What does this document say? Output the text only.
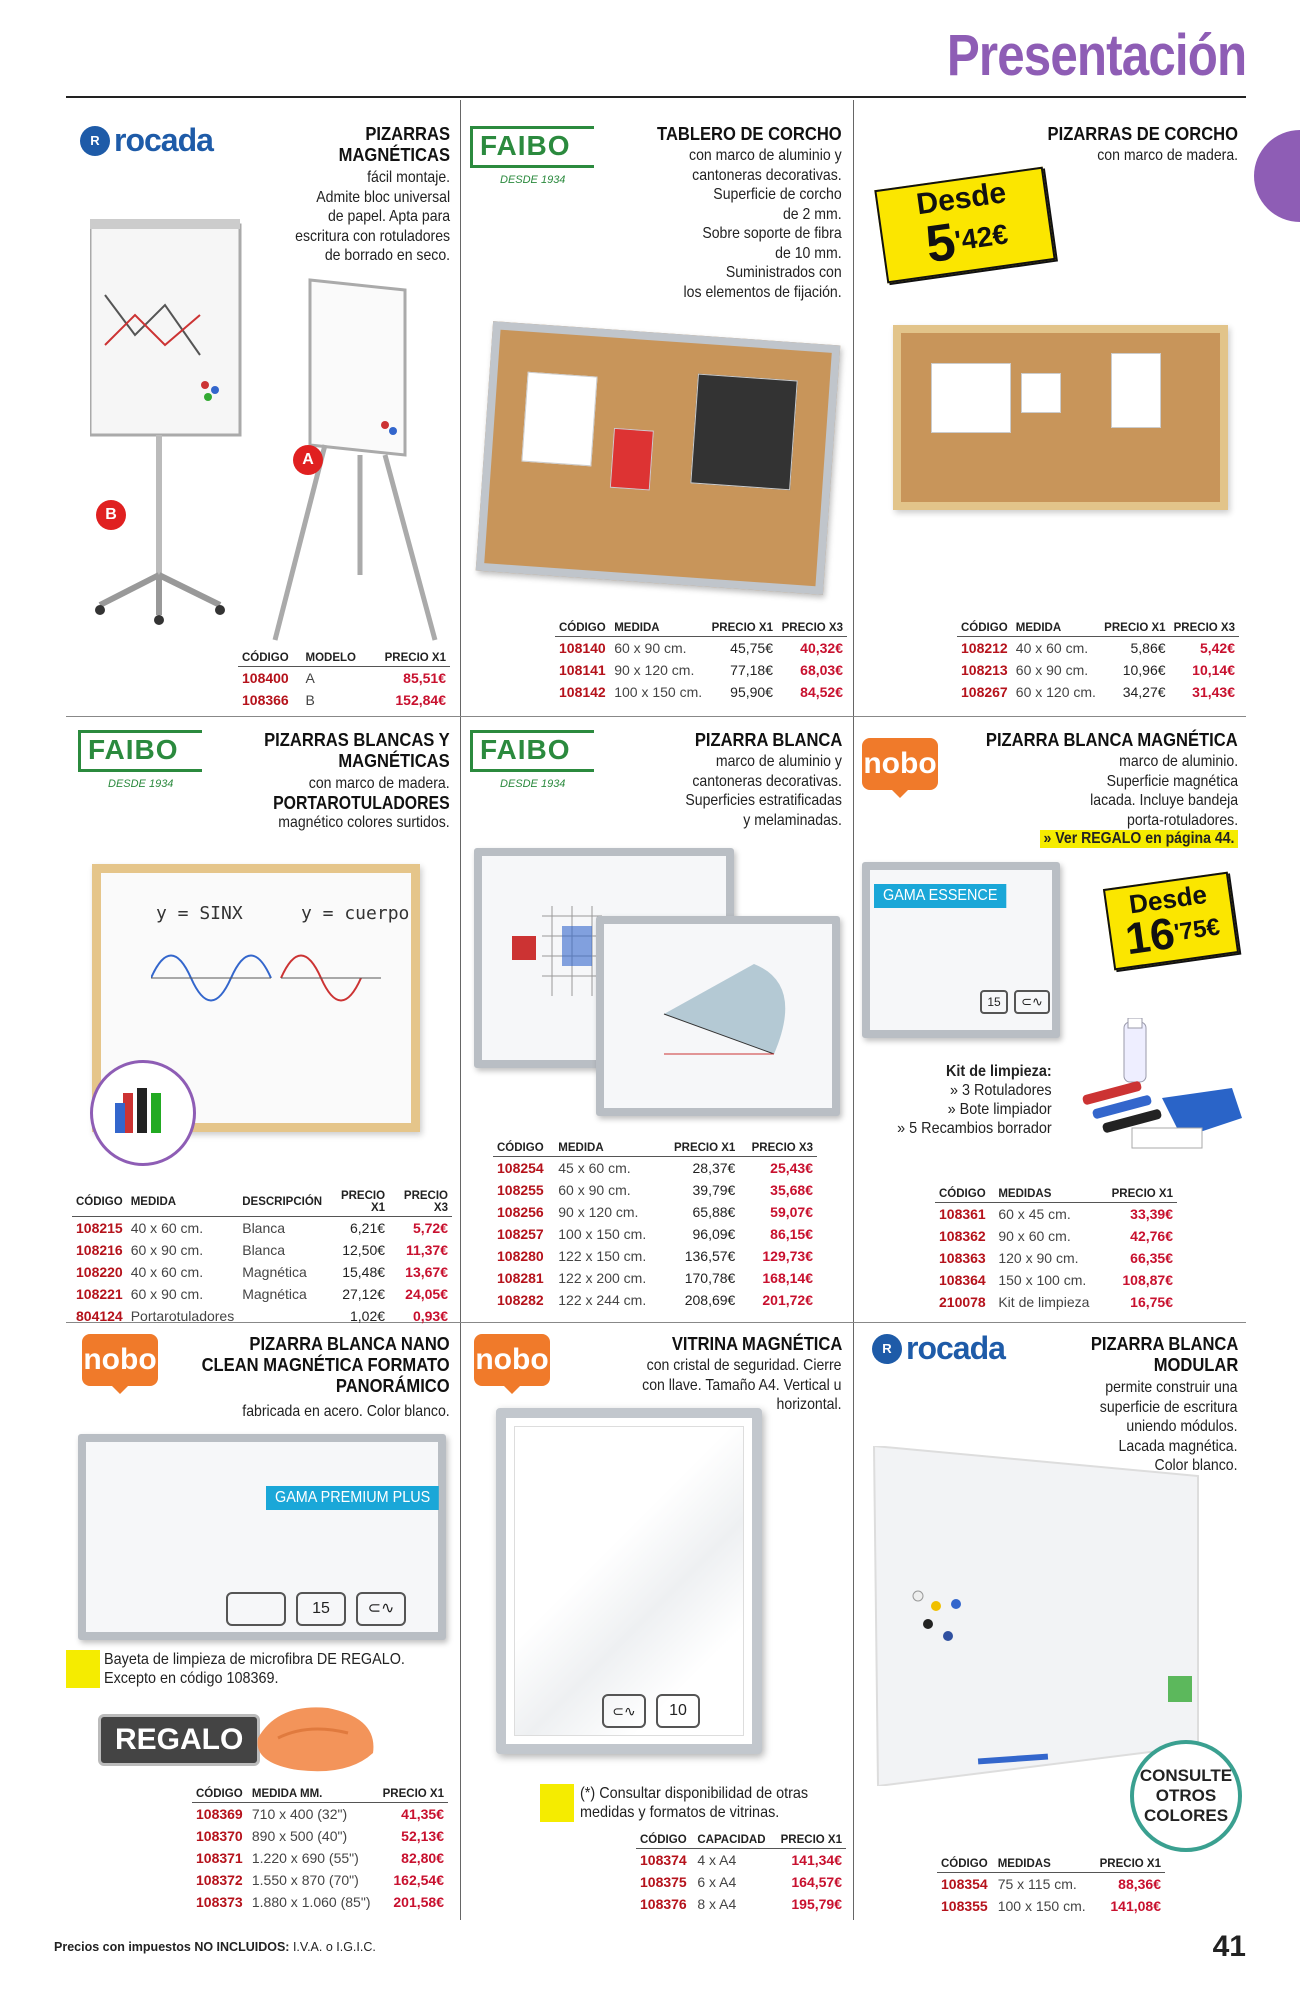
Presentación
R rocada	PIZARRAS
MAGNÉTICAS
fácil montaje.
Admite bloc universal
de papel. Apta para
escritura con rotuladores
de borrado en seco.
A
B
CÓDIGO	MODELO	PRECIO X1
108400	A	85,51€
108366	B	152,84€
FAIBO
DESDE 1934
TABLERO DE CORCHO
con marco de aluminio y
cantoneras decorativas.
Superficie de corcho
de 2 mm.
Sobre soporte de fibra
de 10 mm.
Suministrados con
los elementos de fijación.
CÓDIGO	MEDIDA	PRECIO X1	PRECIO X3
108140	60 x 90 cm.	45,75€	40,32€
108141	90 x 120 cm.	77,18€	68,03€
108142	100 x 150 cm.	95,90€	84,52€
PIZARRAS DE CORCHO
con marco de madera.
Desde
$5^{'42€}$
CÓDIGO	MEDIDA	PRECIO X1	PRECIO X3
108212	40 x 60 cm.	5,86€	5,42€
108213	60 x 90 cm.	10,96€	10,14€
108267	60 x 120 cm.	34,27€	31,43€
FAIBO
DESDE 1934
PIZARRAS BLANCAS Y
MAGNÉTICAS
con marco de madera.
PORTAROTULADORES
magnético colores surtidos.
y = SINX	y = cuerpo
CÓDIGO	MEDIDA	DESCRIPCIÓN	PRECIO X1	PRECIO X3
108215	40 x 60 cm.	Blanca	6,21€	5,72€
108216	60 x 90 cm.	Blanca	12,50€	11,37€
108220	40 x 60 cm.	Magnética	15,48€	13,67€
108221	60 x 90 cm.	Magnética	27,12€	24,05€
804124	Portarotuladores		1,02€	0,93€
FAIBO
DESDE 1934
PIZARRA BLANCA
marco de aluminio y
cantoneras decorativas.
Superficies estratificadas
y melaminadas.
CÓDIGO	MEDIDA	PRECIO X1	PRECIO X3
108254	45 x 60 cm.	28,37€	25,43€
108255	60 x 90 cm.	39,79€	35,68€
108256	90 x 120 cm.	65,88€	59,07€
108257	100 x 150 cm.	96,09€	86,15€
108280	122 x 150 cm.	136,57€	129,73€
108281	122 x 200 cm.	170,78€	168,14€
108282	122 x 244 cm.	208,69€	201,72€
nobo
PIZARRA BLANCA MAGNÉTICA
marco de aluminio.
Superficie magnética
lacada. Incluye bandeja
porta-rotuladores.
» Ver REGALO en página 44.
15	⊂∿
GAMA ESSENCE	Desde
$16^{'75€}$
Kit de limpieza:
» 3 Rotuladores
» Bote limpiador
» 5 Recambios borrador
CÓDIGO	MEDIDAS	PRECIO X1
108361	60 x 45 cm.	33,39€
108362	90 x 60 cm.	42,76€
108363	120 x 90 cm.	66,35€
108364	150 x 100 cm.	108,87€
210078	Kit de limpieza	16,75€
nobo	PIZARRA BLANCA NANO
CLEAN MAGNÉTICA FORMATO
PANORÁMICO
fabricada en acero. Color blanco.
15	⊂∿
GAMA PREMIUM PLUS
Bayeta de limpieza de microfibra DE REGALO.
Excepto en código 108369.
REGALO
CÓDIGO	MEDIDA MM.	PRECIO X1
108369	710 x 400 (32")	41,35€
108370	890 x 500 (40")	52,13€
108371	1.220 x 690 (55")	82,80€
108372	1.550 x 870 (70")	162,54€
108373	1.880 x 1.060 (85")	201,58€
nobo	VITRINA MAGNÉTICA
con cristal de seguridad. Cierre
con llave. Tamaño A4. Vertical u
horizontal.
⊂∿	10
(*) Consultar disponibilidad de otras
medidas y formatos de vitrinas.
CÓDIGO	CAPACIDAD	PRECIO X1
108374	4 x A4	141,34€
108375	6 x A4	164,57€
108376	8 x A4	195,79€
R rocada	PIZARRA BLANCA
MODULAR
permite construir una
superficie de escritura
uniendo módulos.
Lacada magnética.
Color blanco.
CONSULTE
OTROS
COLORES
CÓDIGO	MEDIDAS	PRECIO X1
108354	75 x 115 cm.	88,36€
108355	100 x 150 cm.	141,08€
Precios con impuestos NO INCLUIDOS: I.V.A. o I.G.I.C.	41
